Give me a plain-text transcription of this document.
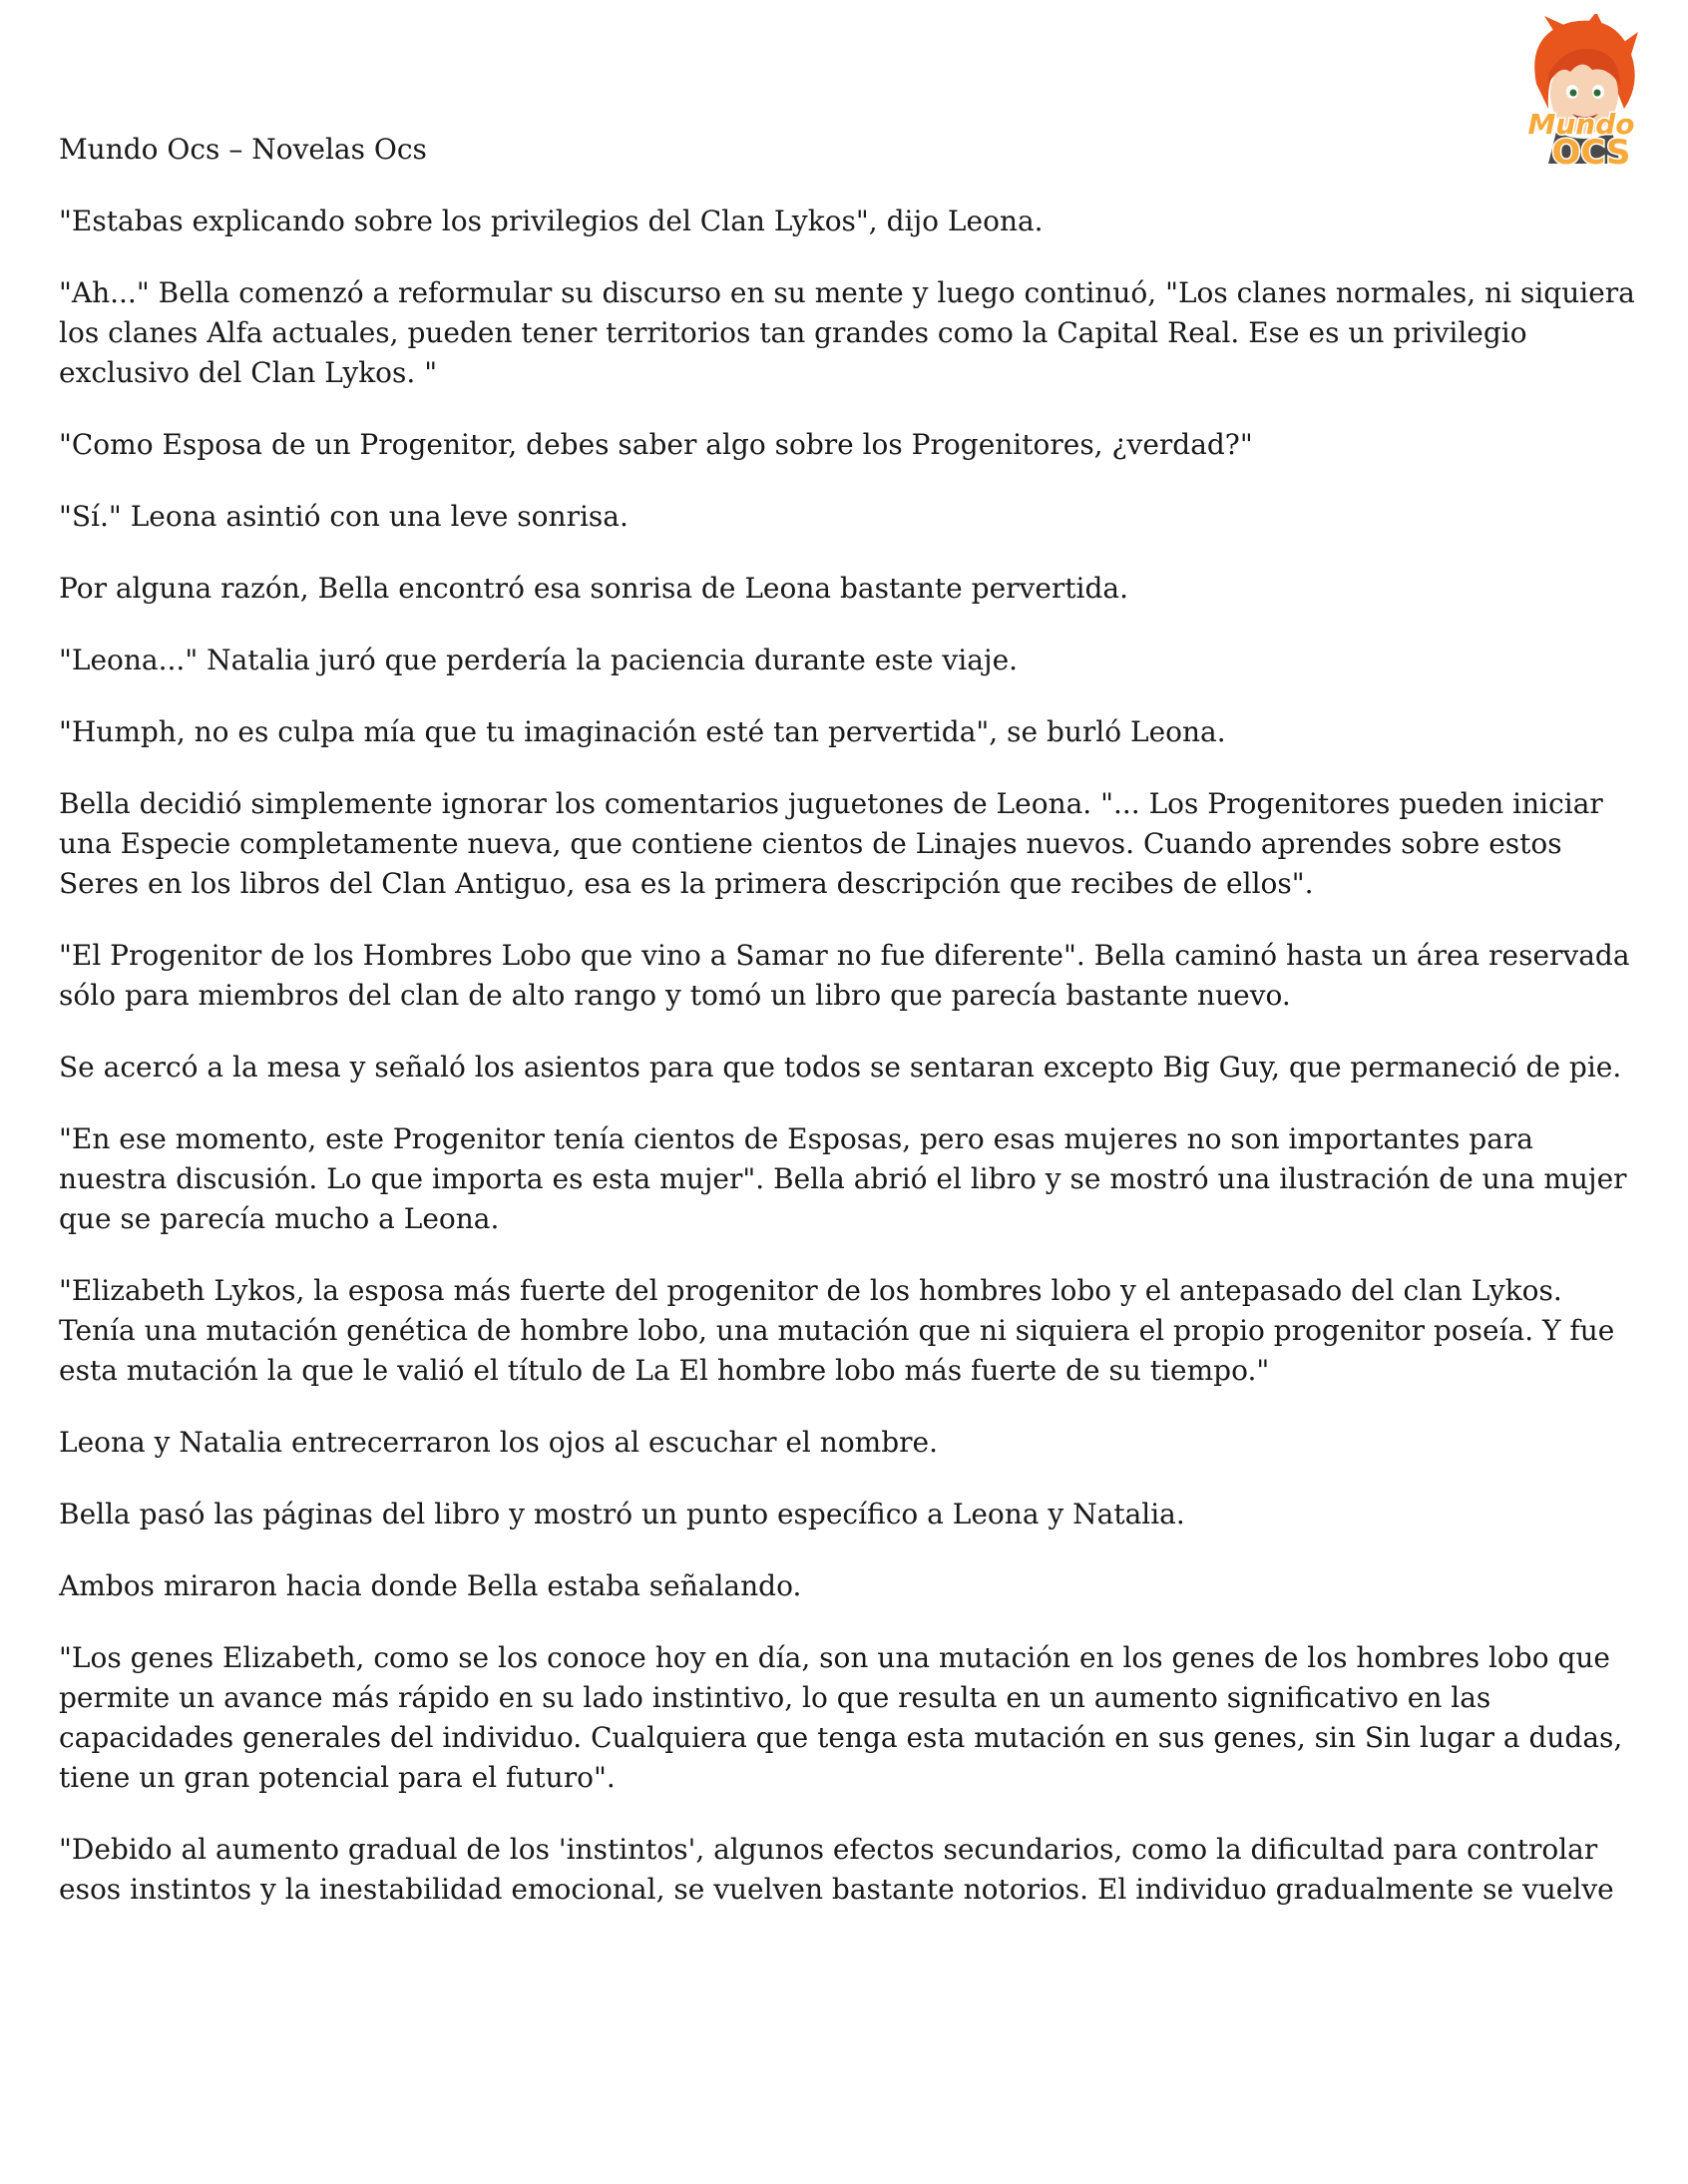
Mundo Ocs – Novelas Ocs
Mundo
OCS

"Estabas explicando sobre los privilegios del Clan Lykos", dijo Leona.

"Ah..." Bella comenzó a reformular su discurso en su mente y luego continuó, "Los clanes normales, ni siquiera los clanes Alfa actuales, pueden tener territorios tan grandes como la Capital Real. Ese es un privilegio exclusivo del Clan Lykos. "

"Como Esposa de un Progenitor, debes saber algo sobre los Progenitores, ¿verdad?"

"Sí." Leona asintió con una leve sonrisa.

Por alguna razón, Bella encontró esa sonrisa de Leona bastante pervertida.

"Leona..." Natalia juró que perdería la paciencia durante este viaje.

"Humph, no es culpa mía que tu imaginación esté tan pervertida", se burló Leona.

Bella decidió simplemente ignorar los comentarios juguetones de Leona. "... Los Progenitores pueden iniciar una Especie completamente nueva, que contiene cientos de Linajes nuevos. Cuando aprendes sobre estos Seres en los libros del Clan Antiguo, esa es la primera descripción que recibes de ellos".

"El Progenitor de los Hombres Lobo que vino a Samar no fue diferente". Bella caminó hasta un área reservada sólo para miembros del clan de alto rango y tomó un libro que parecía bastante nuevo.

Se acercó a la mesa y señaló los asientos para que todos se sentaran excepto Big Guy, que permaneció de pie.

"En ese momento, este Progenitor tenía cientos de Esposas, pero esas mujeres no son importantes para nuestra discusión. Lo que importa es esta mujer". Bella abrió el libro y se mostró una ilustración de una mujer que se parecía mucho a Leona.

"Elizabeth Lykos, la esposa más fuerte del progenitor de los hombres lobo y el antepasado del clan Lykos. Tenía una mutación genética de hombre lobo, una mutación que ni siquiera el propio progenitor poseía. Y fue esta mutación la que le valió el título de La El hombre lobo más fuerte de su tiempo."

Leona y Natalia entrecerraron los ojos al escuchar el nombre.

Bella pasó las páginas del libro y mostró un punto específico a Leona y Natalia.

Ambos miraron hacia donde Bella estaba señalando.

"Los genes Elizabeth, como se los conoce hoy en día, son una mutación en los genes de los hombres lobo que permite un avance más rápido en su lado instintivo, lo que resulta en un aumento significativo en las capacidades generales del individuo. Cualquiera que tenga esta mutación en sus genes, sin Sin lugar a dudas, tiene un gran potencial para el futuro".

"Debido al aumento gradual de los 'instintos', algunos efectos secundarios, como la dificultad para controlar esos instintos y la inestabilidad emocional, se vuelven bastante notorios. El individuo gradualmente se vuelve
